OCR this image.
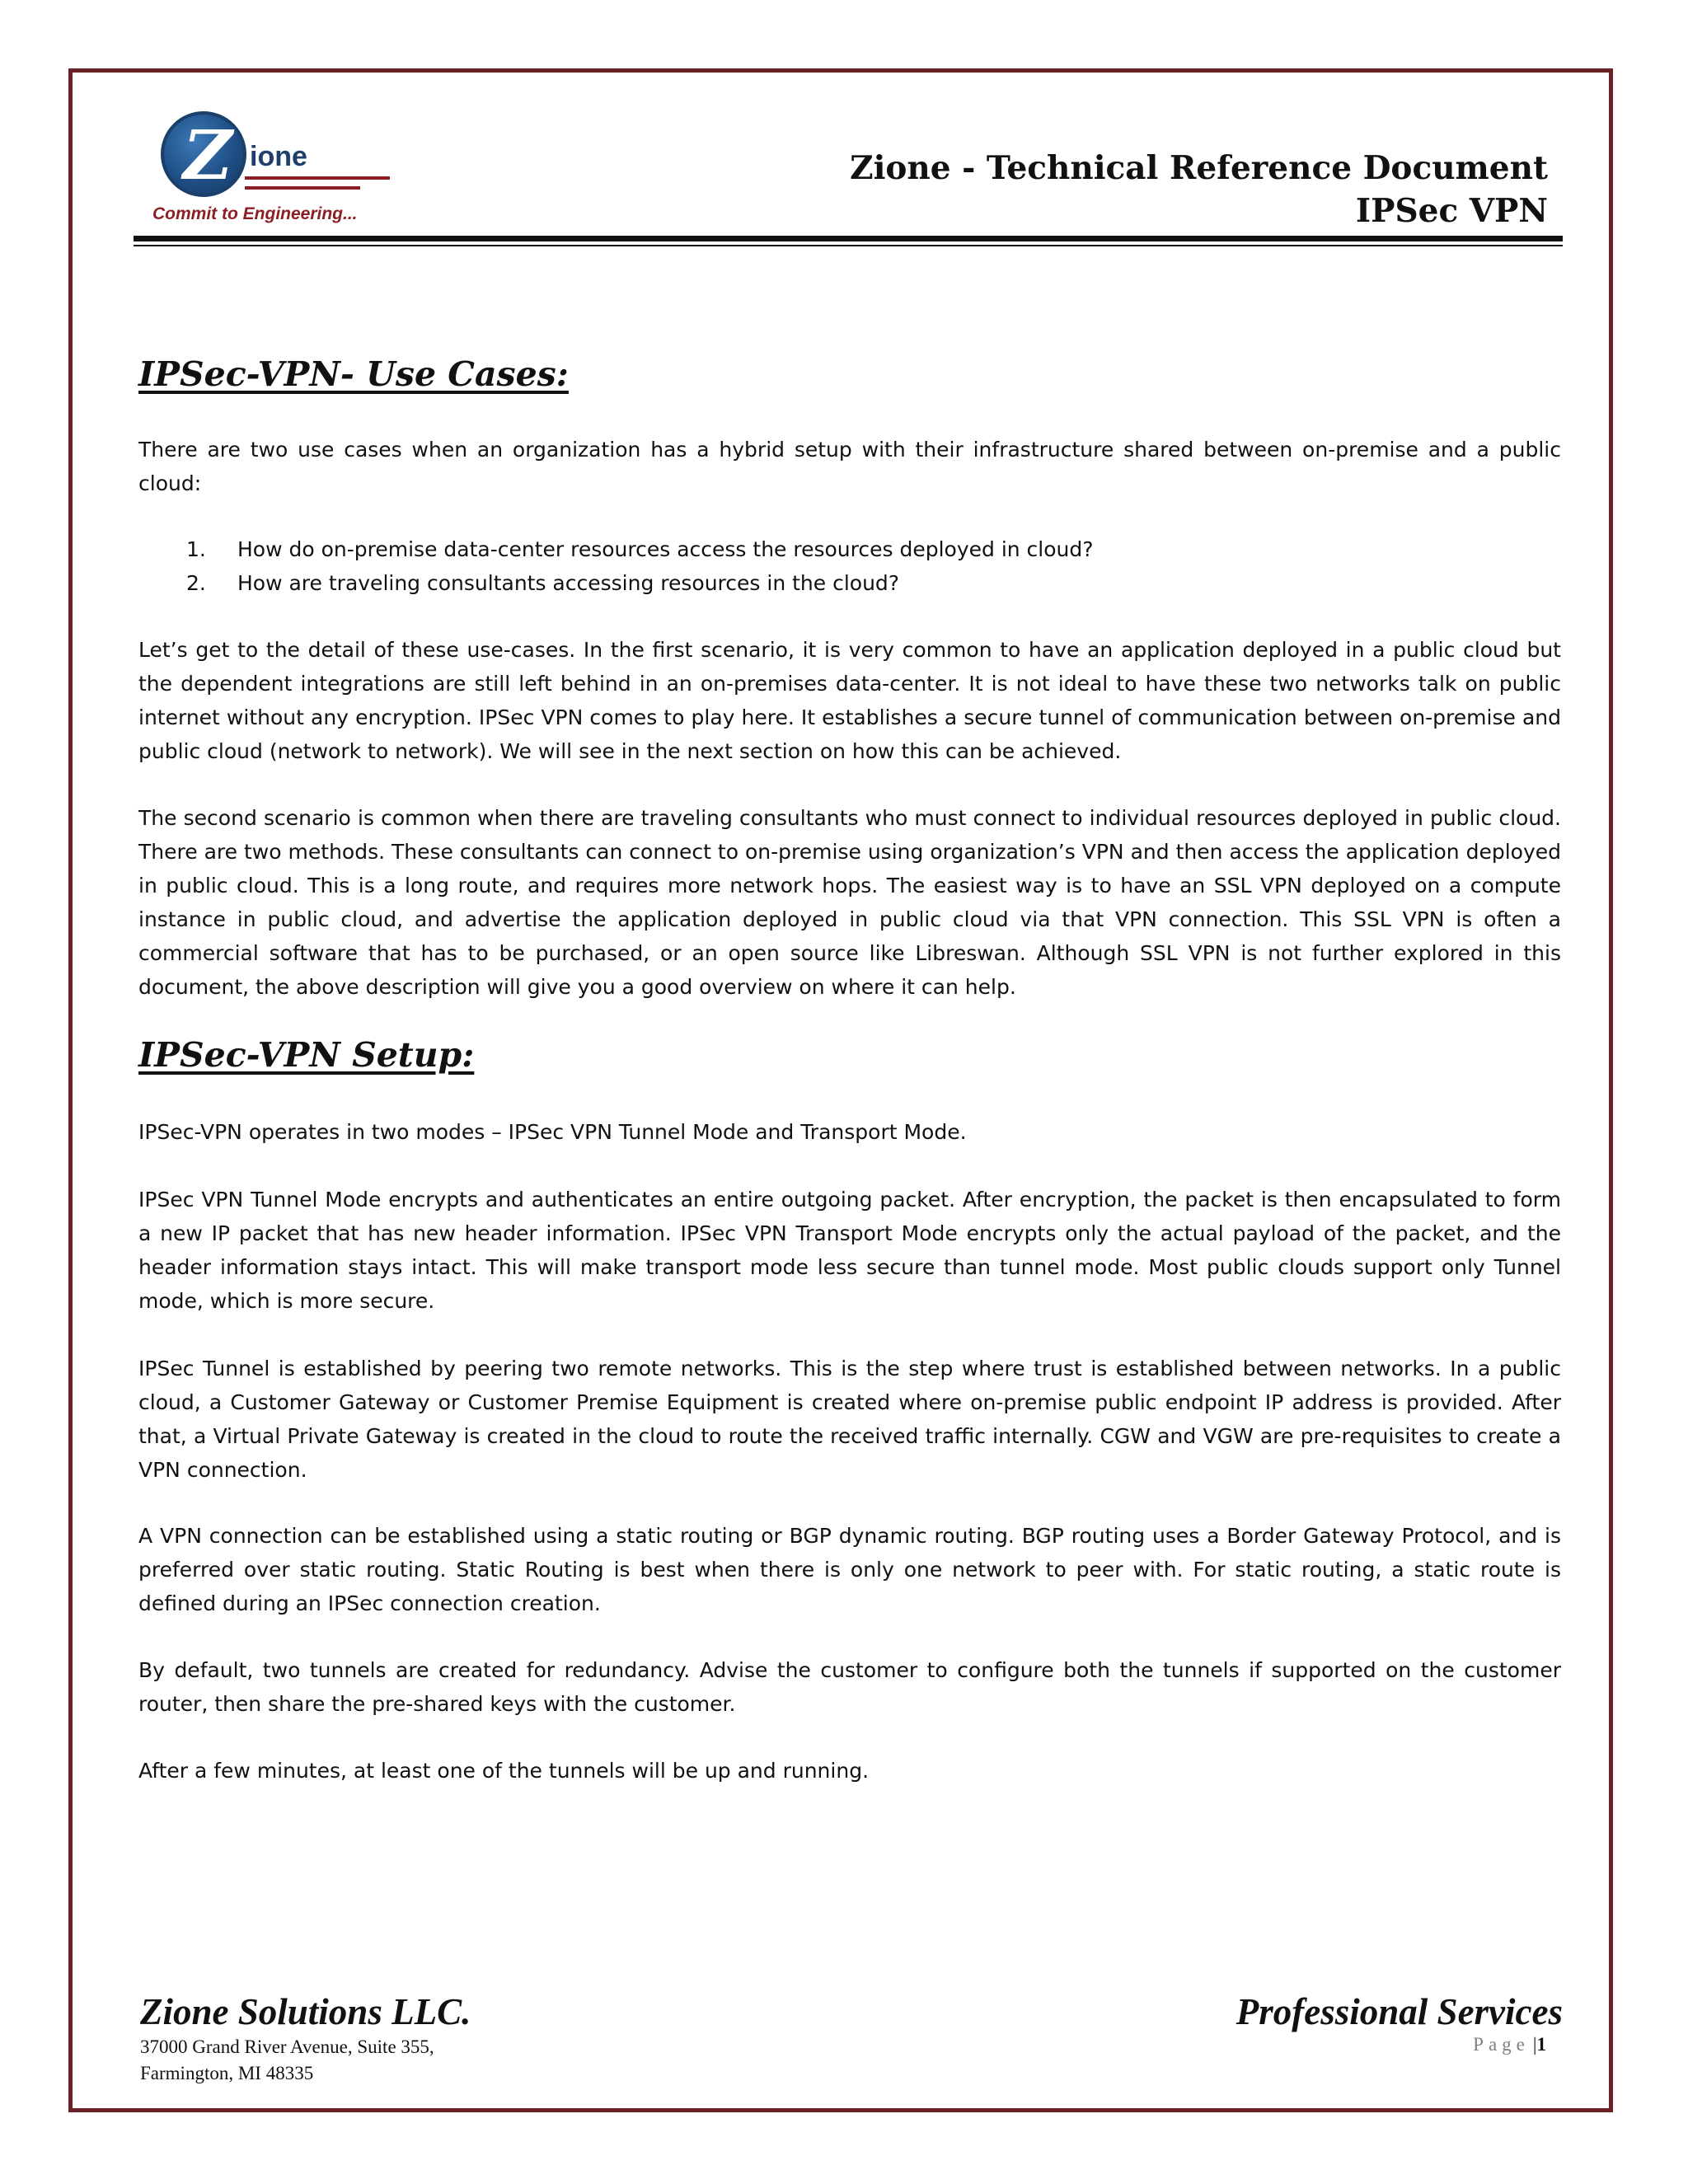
Z ione
Commit to Engineering...
Zione - Technical Reference Document
IPSec VPN
IPSec-VPN- Use Cases:

There are two use cases when an organization has a hybrid setup with their infrastructure shared between on-premise and a public cloud:

1. How do on-premise data-center resources access the resources deployed in cloud?
2. How are traveling consultants accessing resources in the cloud?

Let’s get to the detail of these use-cases. In the first scenario, it is very common to have an application deployed in a public cloud but the dependent integrations are still left behind in an on-premises data-center. It is not ideal to have these two networks talk on public internet without any encryption. IPSec VPN comes to play here. It establishes a secure tunnel of communication between on-premise and public cloud (network to network). We will see in the next section on how this can be achieved.

The second scenario is common when there are traveling consultants who must connect to individual resources deployed in public cloud. There are two methods. These consultants can connect to on-premise using organization’s VPN and then access the application deployed in public cloud. This is a long route, and requires more network hops. The easiest way is to have an SSL VPN deployed on a compute instance in public cloud, and advertise the application deployed in public cloud via that VPN connection. This SSL VPN is often a commercial software that has to be purchased, or an open source like Libreswan. Although SSL VPN is not further explored in this document, the above description will give you a good overview on where it can help.

IPSec-VPN Setup:

IPSec-VPN operates in two modes – IPSec VPN Tunnel Mode and Transport Mode.

IPSec VPN Tunnel Mode encrypts and authenticates an entire outgoing packet. After encryption, the packet is then encapsulated to form a new IP packet that has new header information. IPSec VPN Transport Mode encrypts only the actual payload of the packet, and the header information stays intact. This will make transport mode less secure than tunnel mode. Most public clouds support only Tunnel mode, which is more secure.

IPSec Tunnel is established by peering two remote networks. This is the step where trust is established between networks. In a public cloud, a Customer Gateway or Customer Premise Equipment is created where on-premise public endpoint IP address is provided. After that, a Virtual Private Gateway is created in the cloud to route the received traffic internally. CGW and VGW are pre-requisites to create a VPN connection.

A VPN connection can be established using a static routing or BGP dynamic routing. BGP routing uses a Border Gateway Protocol, and is preferred over static routing. Static Routing is best when there is only one network to peer with. For static routing, a static route is defined during an IPSec connection creation.

By default, two tunnels are created for redundancy. Advise the customer to configure both the tunnels if supported on the customer router, then share the pre-shared keys with the customer.

After a few minutes, at least one of the tunnels will be up and running.

Zione Solutions LLC.
37000 Grand River Avenue, Suite 355,
Farmington, MI 48335
Professional Services
Page |1
